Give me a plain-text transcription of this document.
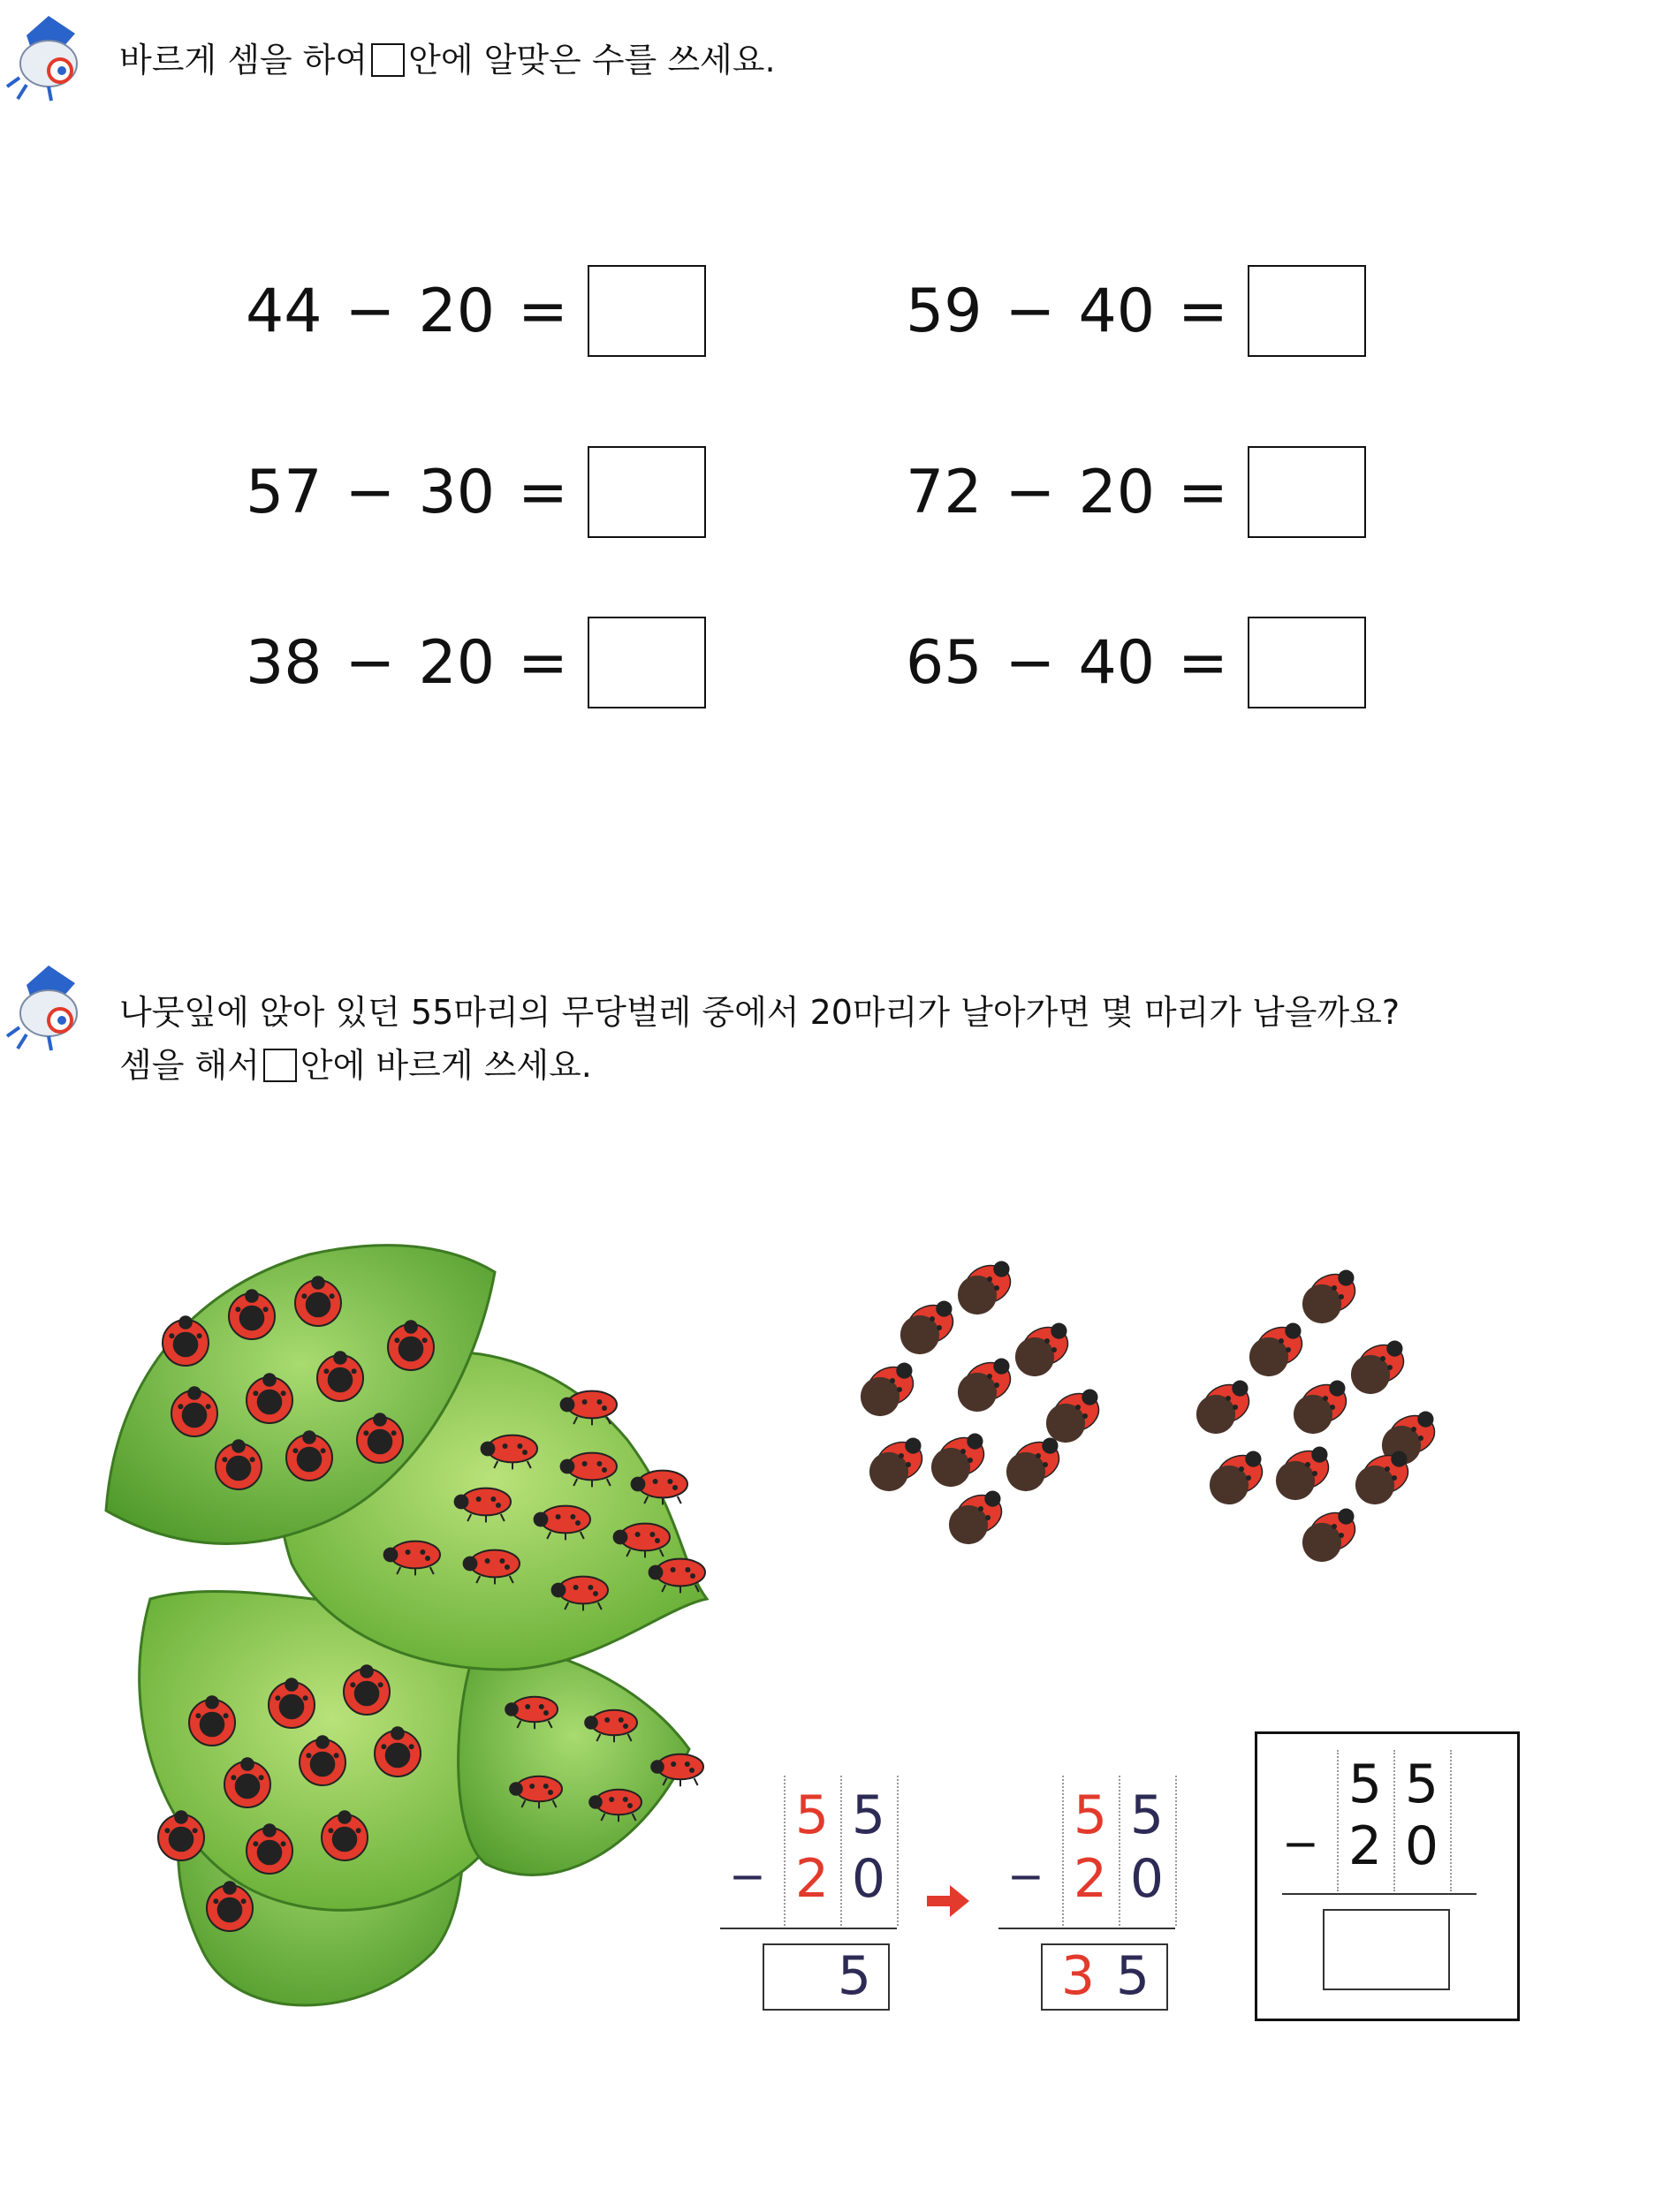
바르게 셈을 하여 안에 알맞은 수를 쓰세요.
44 − 20 =	59 − 40 =
57 − 30 =	72 − 20 =
38 − 20 =	65 − 40 =
나뭇잎에 앉아 있던 55마리의 무당벌레 중에서 20마리가 날아가면 몇 마리가 남을까요?
셈을 해서 안에 바르게 쓰세요.
5 5
− 2 0
5
5 5
− 2 0
3 5
5 5
− 2 0
